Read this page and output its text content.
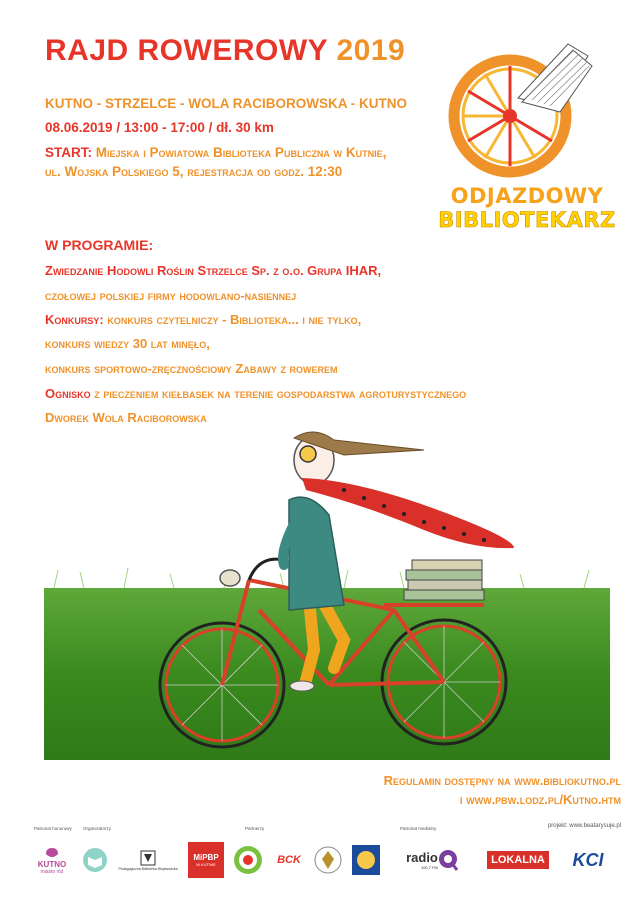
RAJD ROWEROWY 2019
KUTNO - STRZELCE - WOLA RACIBOROWSKA - KUTNO
08.06.2019 / 13:00 - 17:00 / dł. 30 km
START: Miejska i Powiatowa Biblioteka Publiczna w Kutnie,
ul. Wojska Polskiego 5, rejestracja od godz. 12:30
ODJAZDOWY
BIBLIOTEKARZ
W PROGRAMIE:
Zwiedzanie Hodowli Roślin Strzelce Sp. z o.o. Grupa IHAR,
czołowej polskiej firmy hodowlano-nasiennej
Konkursy: konkurs czytelniczy - Biblioteka... i nie tylko,
konkurs wiedzy 30 lat minęło,
konkurs sportowo-zręcznościowy Zabawy z rowerem
Ognisko z pieczeniem kiełbasek na terenie gospodarstwa agroturystycznego
Dworek Wola Raciborowska
Regulamin dostępny na www.bibliokutno.pl
i www.pbw.lodz.pl/Kutno.htm
Patronat honorowy Organizatorzy	Partnerzy	Patronat medialny	projekt: www.beatarysuje.pl
KUTNO
miasto róż	Pedagogiczna Biblioteka Wojewódzka
MiPBP
W KUTNIE	BCK	radio
100,7 FM
LOKALNA KCI
